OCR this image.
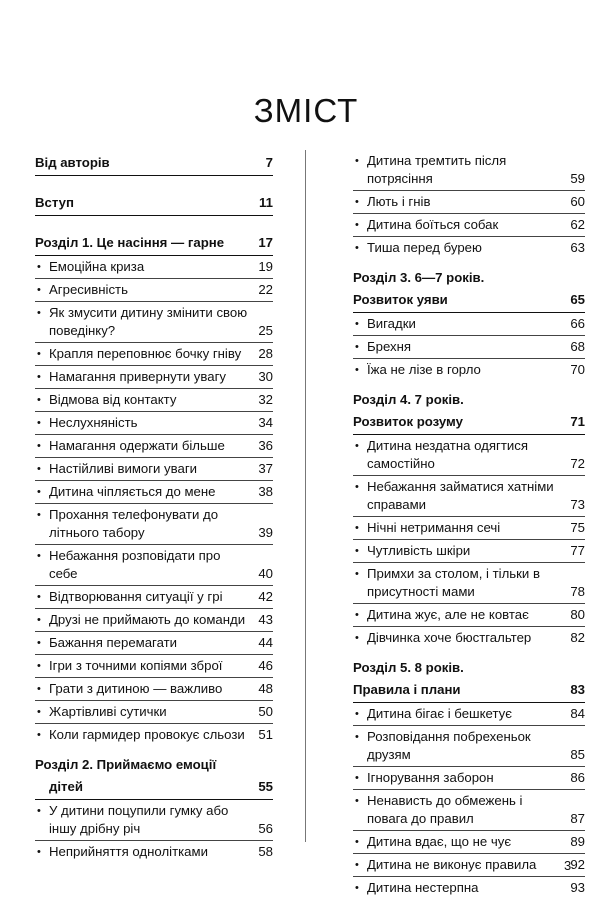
ЗМІСТ
Від авторів	7
Вступ	11
Розділ 1. Це насіння — гарне	17
• Емоційна криза	19
• Агресивність	22
• Як змусити дитину змінити свою поведінку?	25
• Крапля переповнює бочку гніву	28
• Намагання привернути увагу	30
• Відмова від контакту	32
• Неслухняність	34
• Намагання одержати більше	36
• Настійливі вимоги уваги	37
• Дитина чіпляється до мене	38
• Прохання телефонувати до літнього табору	39
• Небажання розповідати про себе	40
• Відтворювання ситуації у грі	42
• Друзі не приймають до команди	43
• Бажання перемагати	44
• Ігри з точними копіями зброї	46
• Грати з дитиною — важливо	48
• Жартівливі сутички	50
• Коли гармидер провокує сльози	51
Розділ 2. Приймаємо емоції
дітей	55
• У дитини поцупили гумку або іншу дрібну річ	56
• Неприйняття однолітками	58
• Дитина тремтить після потрясіння	59
• Лють і гнів	60
• Дитина боїться собак	62
• Тиша перед бурею	63
Розділ 3. 6—7 років.
Розвиток уяви	65
• Вигадки	66
• Брехня	68
• Їжа не лізе в горло	70
Розділ 4. 7 років.
Розвиток розуму	71
• Дитина нездатна одягтися самостійно	72
• Небажання займатися хатніми справами	73
• Нічні нетримання сечі	75
• Чутливість шкіри	77
• Примхи за столом, і тільки в присутності мами	78
• Дитина жує, але не ковтає	80
• Дівчинка хоче бюстгальтер	82
Розділ 5. 8 років.
Правила і плани	83
• Дитина бігає і бешкетує	84
• Розповідання побрехеньок друзям	85
• Ігнорування заборон	86
• Ненависть до обмежень і повага до правил	87
• Дитина вдає, що не чує	89
• Дитина не виконує правила	92
• Дитина нестерпна	93
3
